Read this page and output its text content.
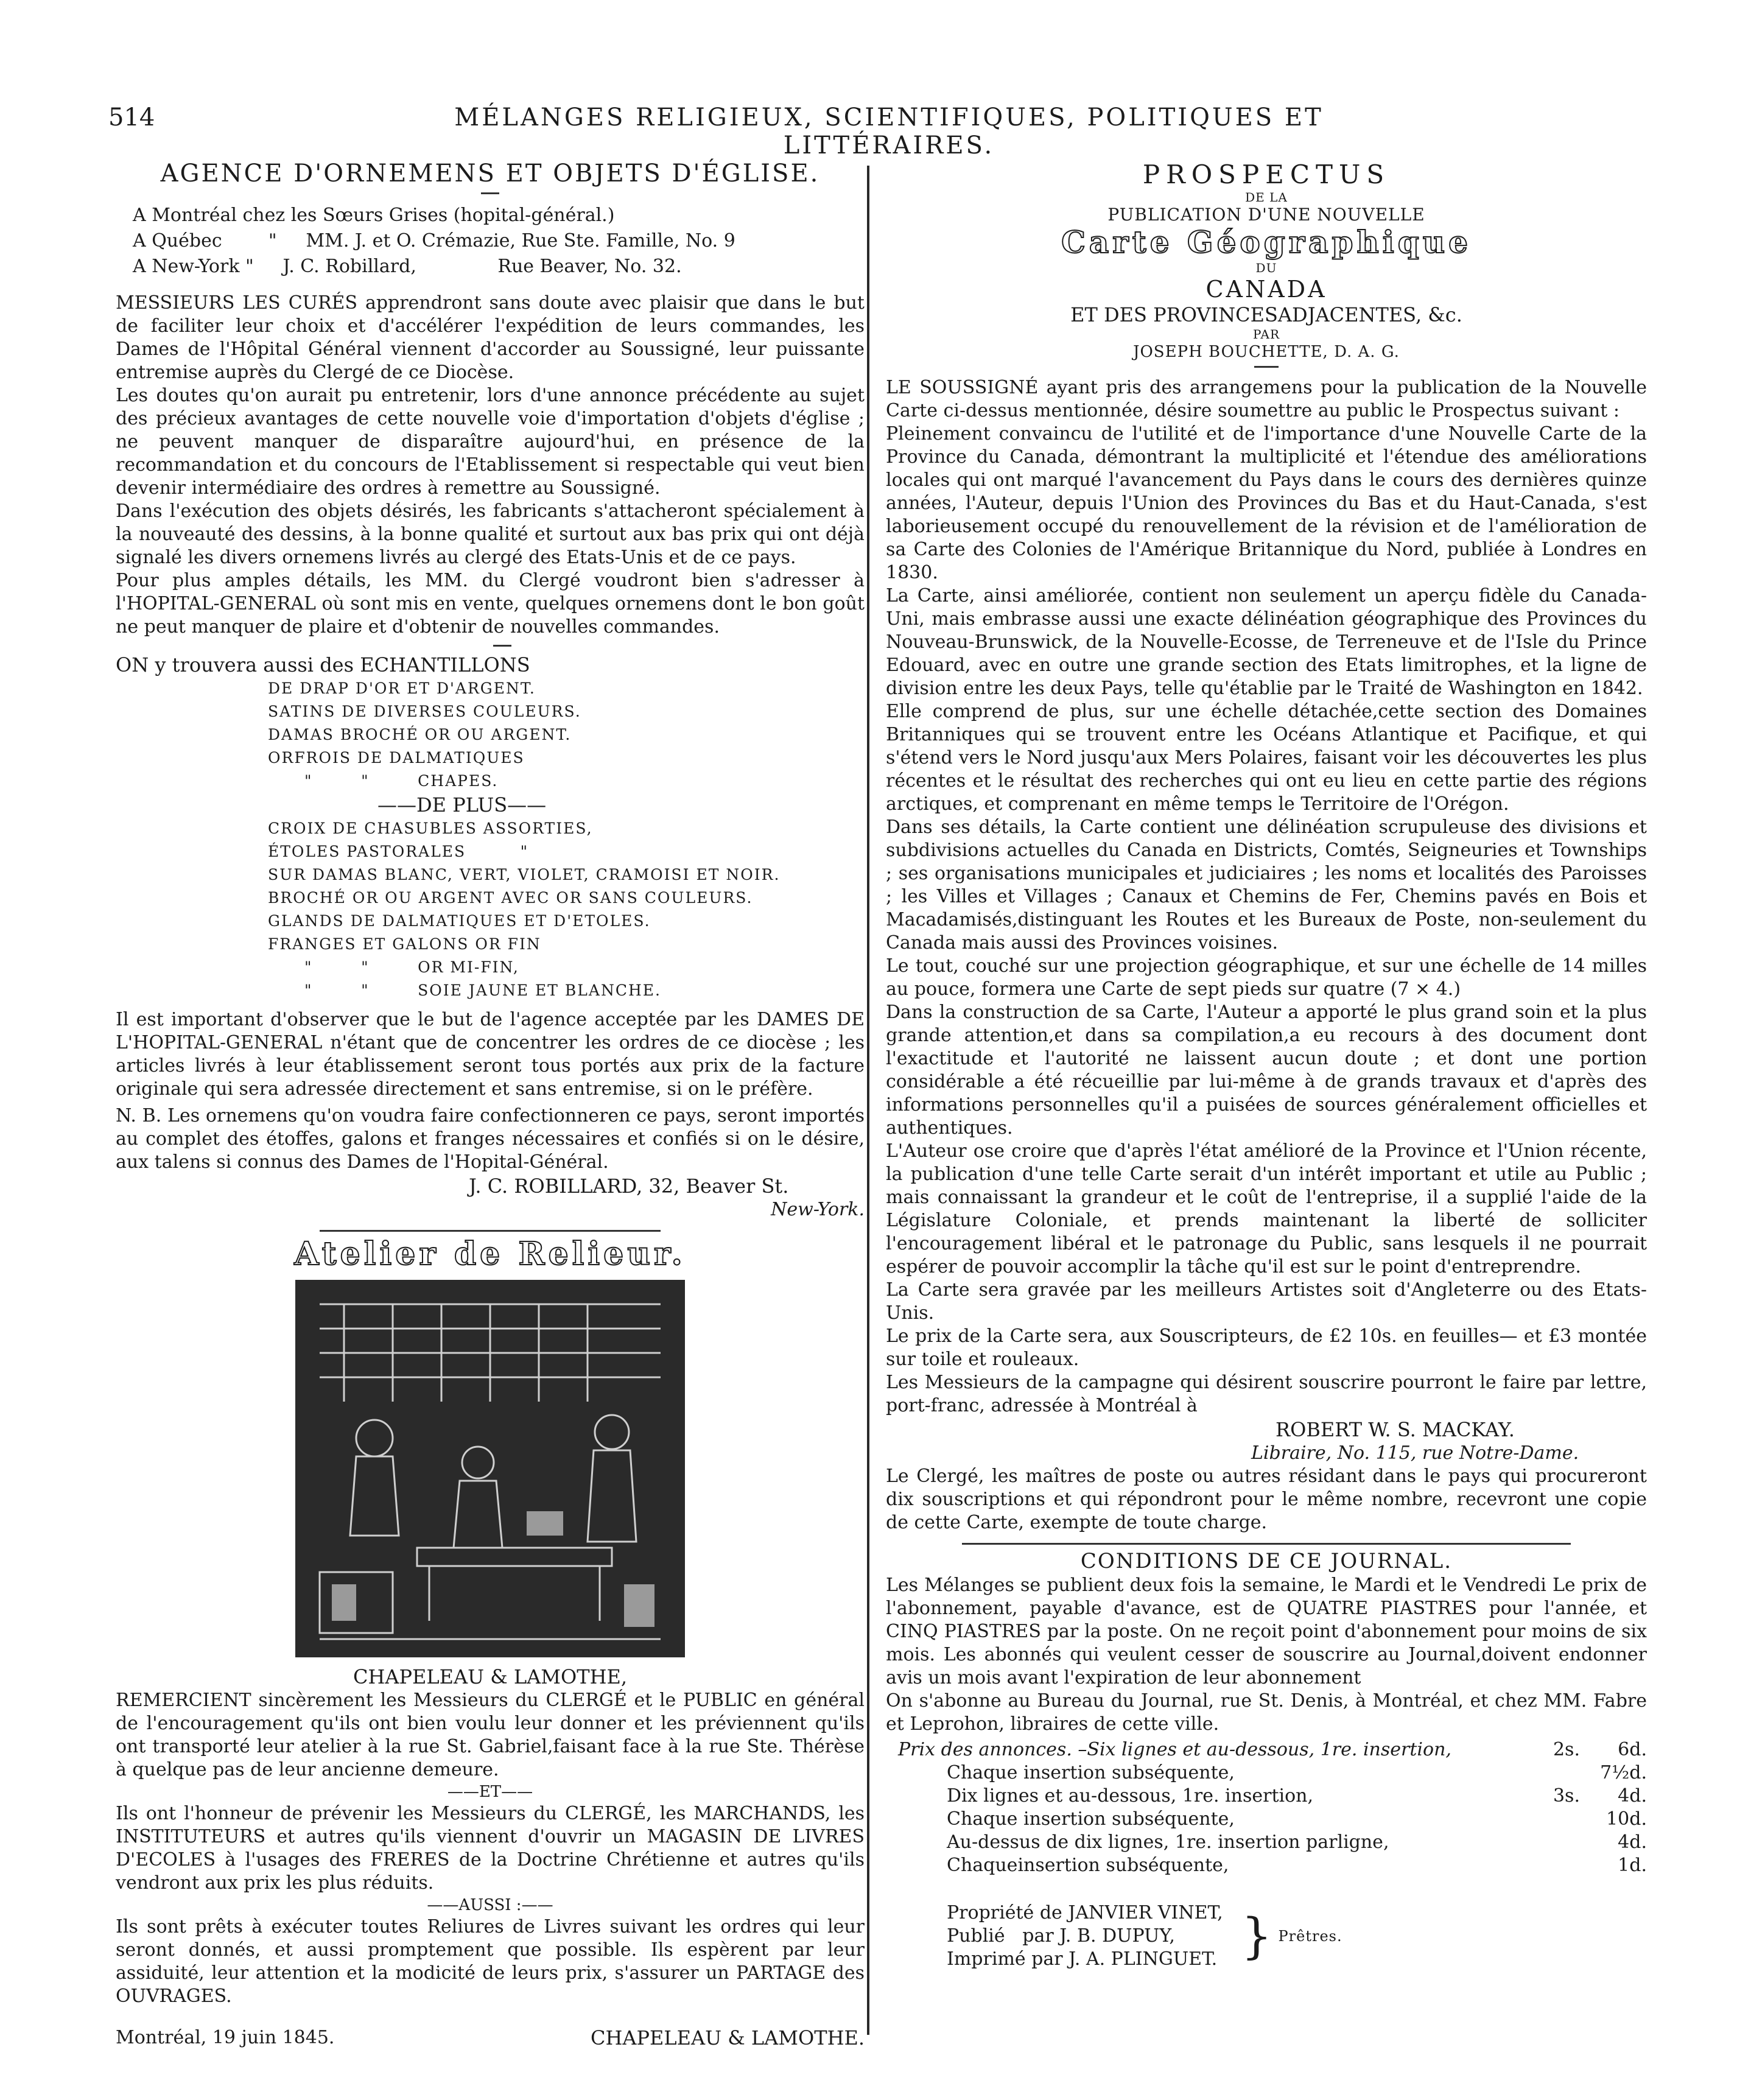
514	MÉLANGES RELIGIEUX, SCIENTIFIQUES, POLITIQUES ET LITTÉRAIRES.
AGENCE D'ORNEMENS ET OBJETS D'ÉGLISE.
A Montréal chez les Sœurs Grises (hopital-général.)
A Québec        "     MM. J. et O. Crémazie, Rue Ste. Famille, No. 9
A New-York "     J. C. Robillard,              Rue Beaver, No. 32.

MESSIEURS LES CURÉS apprendront sans doute avec plaisir que dans le but de faciliter leur choix et d'accélérer l'expédition de leurs commandes, les Dames de l'Hôpital Général viennent d'accorder au Soussigné, leur puissante entremise auprès du Clergé de ce Diocèse.

Les doutes qu'on aurait pu entretenir, lors d'une annonce précédente au sujet des précieux avantages de cette nouvelle voie d'importation d'objets d'église ; ne peuvent manquer de disparaître aujourd'hui, en présence de la recommandation et du concours de l'Etablissement si respectable qui veut bien devenir intermédiaire des ordres à remettre au Soussigné.

Dans l'exécution des objets désirés, les fabricants s'attacheront spécialement à la nouveauté des dessins, à la bonne qualité et surtout aux bas prix qui ont déjà signalé les divers ornemens livrés au clergé des Etats-Unis et de ce pays.

Pour plus amples détails, les MM. du Clergé voudront bien s'adresser à l'HOPITAL-GENERAL où sont mis en vente, quelques ornemens dont le bon goût ne peut manquer de plaire et d'obtenir de nouvelles commandes.

ON y trouvera aussi des ECHANTILLONS
DE DRAP D'OR ET D'ARGENT.
SATINS DE DIVERSES COULEURS.
DAMAS BROCHÉ OR OU ARGENT.
ORFROIS DE DALMATIQUES
"        "        CHAPES.
——DE PLUS——
CROIX DE CHASUBLES ASSORTIES,
ÉTOLES PASTORALES         "
SUR DAMAS BLANC, VERT, VIOLET, CRAMOISI ET NOIR.
BROCHÉ OR OU ARGENT AVEC OR SANS COULEURS.
GLANDS DE DALMATIQUES ET D'ETOLES.
FRANGES ET GALONS OR FIN
"        "        OR MI-FIN,
"        "        SOIE JAUNE ET BLANCHE.

Il est important d'observer que le but de l'agence acceptée par les DAMES DE L'HOPITAL-GENERAL n'étant que de concentrer les ordres de ce diocèse ; les articles livrés à leur établissement seront tous portés aux prix de la facture originale qui sera adressée directement et sans entremise, si on le préfère.

N. B. Les ornemens qu'on voudra faire confectionneren ce pays, seront importés au complet des étoffes, galons et franges nécessaires et confiés si on le désire, aux talens si connus des Dames de l'Hopital-Général.

J. C. ROBILLARD, 32, Beaver St.
New-York.
Atelier de Relieur.
CHAPELEAU & LAMOTHE,

REMERCIENT sincèrement les Messieurs du CLERGÉ et le PUBLIC en général de l'encouragement qu'ils ont bien voulu leur donner et les préviennent qu'ils ont transporté leur atelier à la rue St. Gabriel,faisant face à la rue Ste. Thérèse à quelque pas de leur ancienne demeure.

——ET——

Ils ont l'honneur de prévenir les Messieurs du CLERGÉ, les MARCHANDS, les INSTITUTEURS et autres qu'ils viennent d'ouvrir un MAGASIN DE LIVRES D'ECOLES à l'usages des FRERES de la Doctrine Chrétienne et autres qu'ils vendront aux prix les plus réduits.

——AUSSI :——

Ils sont prêts à exécuter toutes Reliures de Livres suivant les ordres qui leur seront donnés, et aussi promptement que possible. Ils espèrent par leur assiduité, leur attention et la modicité de leurs prix, s'assurer un PARTAGE des OUVRAGES.

Montréal, 19 juin 1845.	CHAPELEAU & LAMOTHE.
PROSPECTUS
DE LA
PUBLICATION D'UNE NOUVELLE
Carte Géographique
DU
CANADA
ET DES PROVINCESADJACENTES, &c.
PAR
JOSEPH BOUCHETTE, D. A. G.

LE SOUSSIGNÉ ayant pris des arrangemens pour la publication de la Nouvelle Carte ci-dessus mentionnée, désire soumettre au public le Prospectus suivant :

Pleinement convaincu de l'utilité et de l'importance d'une Nouvelle Carte de la Province du Canada, démontrant la multiplicité et l'étendue des améliorations locales qui ont marqué l'avancement du Pays dans le cours des dernières quinze années, l'Auteur, depuis l'Union des Provinces du Bas et du Haut-Canada, s'est laborieusement occupé du renouvellement de la révision et de l'amélioration de sa Carte des Colonies de l'Amérique Britannique du Nord, publiée à Londres en 1830.

La Carte, ainsi améliorée, contient non seulement un aperçu fidèle du Canada-Uni, mais embrasse aussi une exacte délinéation géographique des Provinces du Nouveau-Brunswick, de la Nouvelle-Ecosse, de Terreneuve et de l'Isle du Prince Edouard, avec en outre une grande section des Etats limitrophes, et la ligne de division entre les deux Pays, telle qu'établie par le Traité de Washington en 1842.

Elle comprend de plus, sur une échelle détachée,cette section des Domaines Britanniques qui se trouvent entre les Océans Atlantique et Pacifique, et qui s'étend vers le Nord jusqu'aux Mers Polaires, faisant voir les découvertes les plus récentes et le résultat des recherches qui ont eu lieu en cette partie des régions arctiques, et comprenant en même temps le Territoire de l'Orégon.

Dans ses détails, la Carte contient une délinéation scrupuleuse des divisions et subdivisions actuelles du Canada en Districts, Comtés, Seigneuries et Townships ; ses organisations municipales et judiciaires ; les noms et localités des Paroisses ; les Villes et Villages ; Canaux et Chemins de Fer, Chemins pavés en Bois et Macadamisés,distinguant les Routes et les Bureaux de Poste, non-seulement du Canada mais aussi des Provinces voisines.

Le tout, couché sur une projection géographique, et sur une échelle de 14 milles au pouce, formera une Carte de sept pieds sur quatre (7 × 4.)

Dans la construction de sa Carte, l'Auteur a apporté le plus grand soin et la plus grande attention,et dans sa compilation,a eu recours à des document dont l'exactitude et l'autorité ne laissent aucun doute ; et dont une portion considérable a été récueillie par lui-même à de grands travaux et d'après des informations personnelles qu'il a puisées de sources généralement officielles et authentiques.

L'Auteur ose croire que d'après l'état amélioré de la Province et l'Union récente, la publication d'une telle Carte serait d'un intérêt important et utile au Public ; mais connaissant la grandeur et le coût de l'entreprise, il a supplié l'aide de la Législature Coloniale, et prends maintenant la liberté de solliciter l'encouragement libéral et le patronage du Public, sans lesquels il ne pourrait espérer de pouvoir accomplir la tâche qu'il est sur le point d'entreprendre.

La Carte sera gravée par les meilleurs Artistes soit d'Angleterre ou des Etats-Unis.

Le prix de la Carte sera, aux Souscripteurs, de £2 10s. en feuilles— et £3 montée sur toile et rouleaux.

Les Messieurs de la campagne qui désirent souscrire pourront le faire par lettre, port-franc, adressée à Montréal à

ROBERT W. S. MACKAY.
Libraire, No. 115, rue Notre-Dame.

Le Clergé, les maîtres de poste ou autres résidant dans le pays qui procureront dix souscriptions et qui répondront pour le même nombre, recevront une copie de cette Carte, exempte de toute charge.

CONDITIONS DE CE JOURNAL.

Les Mélanges se publient deux fois la semaine, le Mardi et le Vendredi Le prix de l'abonnement, payable d'avance, est de QUATRE PIASTRES pour l'année, et CINQ PIASTRES par la poste. On ne reçoit point d'abonnement pour moins de six mois. Les abonnés qui veulent cesser de souscrire au Journal,doivent endonner avis un mois avant l'expiration de leur abonnement

On s'abonne au Bureau du Journal, rue St. Denis, à Montréal, et chez MM. Fabre et Leprohon, libraires de cette ville.

Prix des annonces. –Six lignes et au-dessous, 1re. insertion,	2s.	6d.
Chaque insertion subséquente,	7½d.
Dix lignes et au-dessous, 1re. insertion,	3s.	4d.
Chaque insertion subséquente,	10d.
Au-dessus de dix lignes, 1re. insertion parligne,	4d.
Chaqueinsertion subséquente,	1d.
Propriété de JANVIER VINET,
Publié   par J. B. DUPUY,
Imprimé par J. A. PLINGUET. } Prêtres.
